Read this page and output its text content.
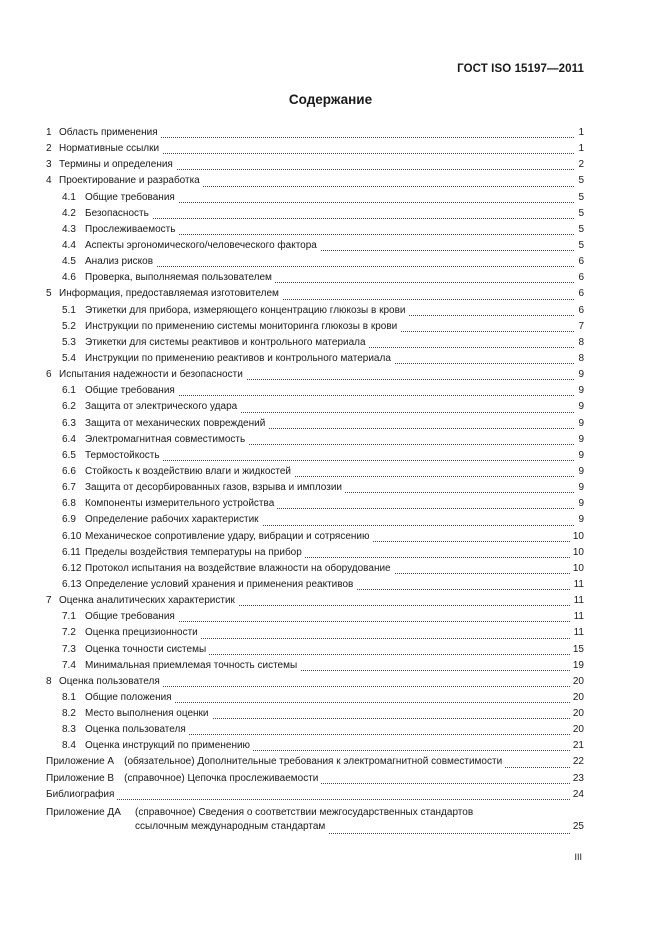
ГОСТ ISO 15197—2011
Содержание
1 Область применения	1
2 Нормативные ссылки	1
3 Термины и определения	2
4 Проектирование и разработка	5
4.1 Общие требования	5
4.2 Безопасность	5
4.3 Прослеживаемость	5
4.4 Аспекты эргономического/человеческого фактора	5
4.5 Анализ рисков	6
4.6 Проверка, выполняемая пользователем	6
5 Информация, предоставляемая изготовителем	6
5.1 Этикетки для прибора, измеряющего концентрацию глюкозы в крови	6
5.2 Инструкции по применению системы мониторинга глюкозы в крови	7
5.3 Этикетки для системы реактивов и контрольного материала	8
5.4 Инструкции по применению реактивов и контрольного материала	8
6 Испытания надежности и безопасности	9
6.1 Общие требования	9
6.2 Защита от электрического удара	9
6.3 Защита от механических повреждений	9
6.4 Электромагнитная совместимость	9
6.5 Термостойкость	9
6.6 Стойкость к воздействию влаги и жидкостей	9
6.7 Защита от десорбированных газов, взрыва и имплозии	9
6.8 Компоненты измерительного устройства	9
6.9 Определение рабочих характеристик	9
6.10 Механическое сопротивление удару, вибрации и сотрясению	10
6.11 Пределы воздействия температуры на прибор	10
6.12 Протокол испытания на воздействие влажности на оборудование	10
6.13 Определение условий хранения и применения реактивов	11
7 Оценка аналитических характеристик	11
7.1 Общие требования	11
7.2 Оценка прецизионности	11
7.3 Оценка точности системы	15
7.4 Минимальная приемлемая точность системы	19
8 Оценка пользователя	20
8.1 Общие положения	20
8.2 Место выполнения оценки	20
8.3 Оценка пользователя	20
8.4 Оценка инструкций по применению	21
Приложение А (обязательное) Дополнительные требования к электромагнитной совместимости	22
Приложение В (справочное) Цепочка прослеживаемости	23
Библиография	24
Приложение ДА (справочное) Сведения о соответствии межгосударственных стандартов
ссылочным международным стандартам	25
III
